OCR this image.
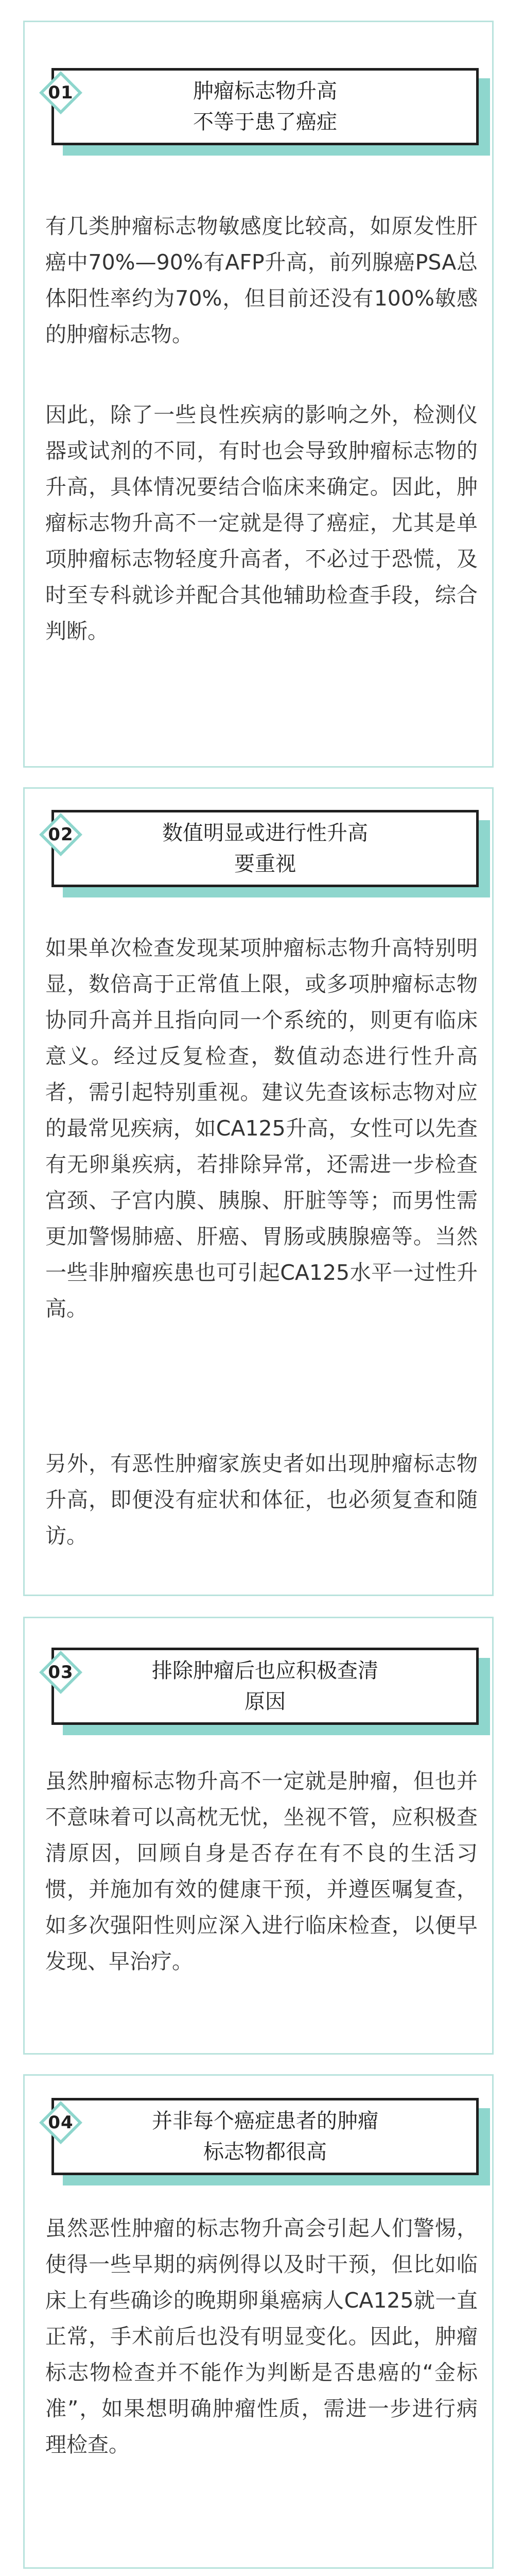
肿瘤标志物升高
不等于患了癌症
01

有几类肿瘤标志物敏感度比较高，如原发性肝癌中70%—90%有AFP升高，前列腺癌PSA总体阳性率约为70%，但目前还没有100%敏感的肿瘤标志物。

因此，除了一些良性疾病的影响之外，检测仪器或试剂的不同，有时也会导致肿瘤标志物的升高，具体情况要结合临床来确定。因此，肿瘤标志物升高不一定就是得了癌症，尤其是单项肿瘤标志物轻度升高者，不必过于恐慌，及时至专科就诊并配合其他辅助检查手段，综合判断。

数值明显或进行性升高
要重视
02

如果单次检查发现某项肿瘤标志物升高特别明显，数倍高于正常值上限，或多项肿瘤标志物协同升高并且指向同一个系统的，则更有临床意义。经过反复检查，数值动态进行性升高者，需引起特别重视。建议先查该标志物对应的最常见疾病，如CA125升高，女性可以先查有无卵巢疾病，若排除异常，还需进一步检查宫颈、子宫内膜、胰腺、肝脏等等；而男性需更加警惕肺癌、肝癌、胃肠或胰腺癌等。当然一些非肿瘤疾患也可引起CA125水平一过性升高。

另外，有恶性肿瘤家族史者如出现肿瘤标志物升高，即便没有症状和体征，也必须复查和随访。

排除肿瘤后也应积极查清
原因
03

虽然肿瘤标志物升高不一定就是肿瘤，但也并不意味着可以高枕无忧，坐视不管，应积极查清原因，回顾自身是否存在有不良的生活习惯，并施加有效的健康干预，并遵医嘱复查，如多次强阳性则应深入进行临床检查，以便早发现、早治疗。

并非每个癌症患者的肿瘤
标志物都很高
04

虽然恶性肿瘤的标志物升高会引起人们警惕，使得一些早期的病例得以及时干预，但比如临床上有些确诊的晚期卵巢癌病人CA125就一直正常，手术前后也没有明显变化。因此，肿瘤标志物检查并不能作为判断是否患癌的“金标准”，如果想明确肿瘤性质，需进一步进行病理检查。
